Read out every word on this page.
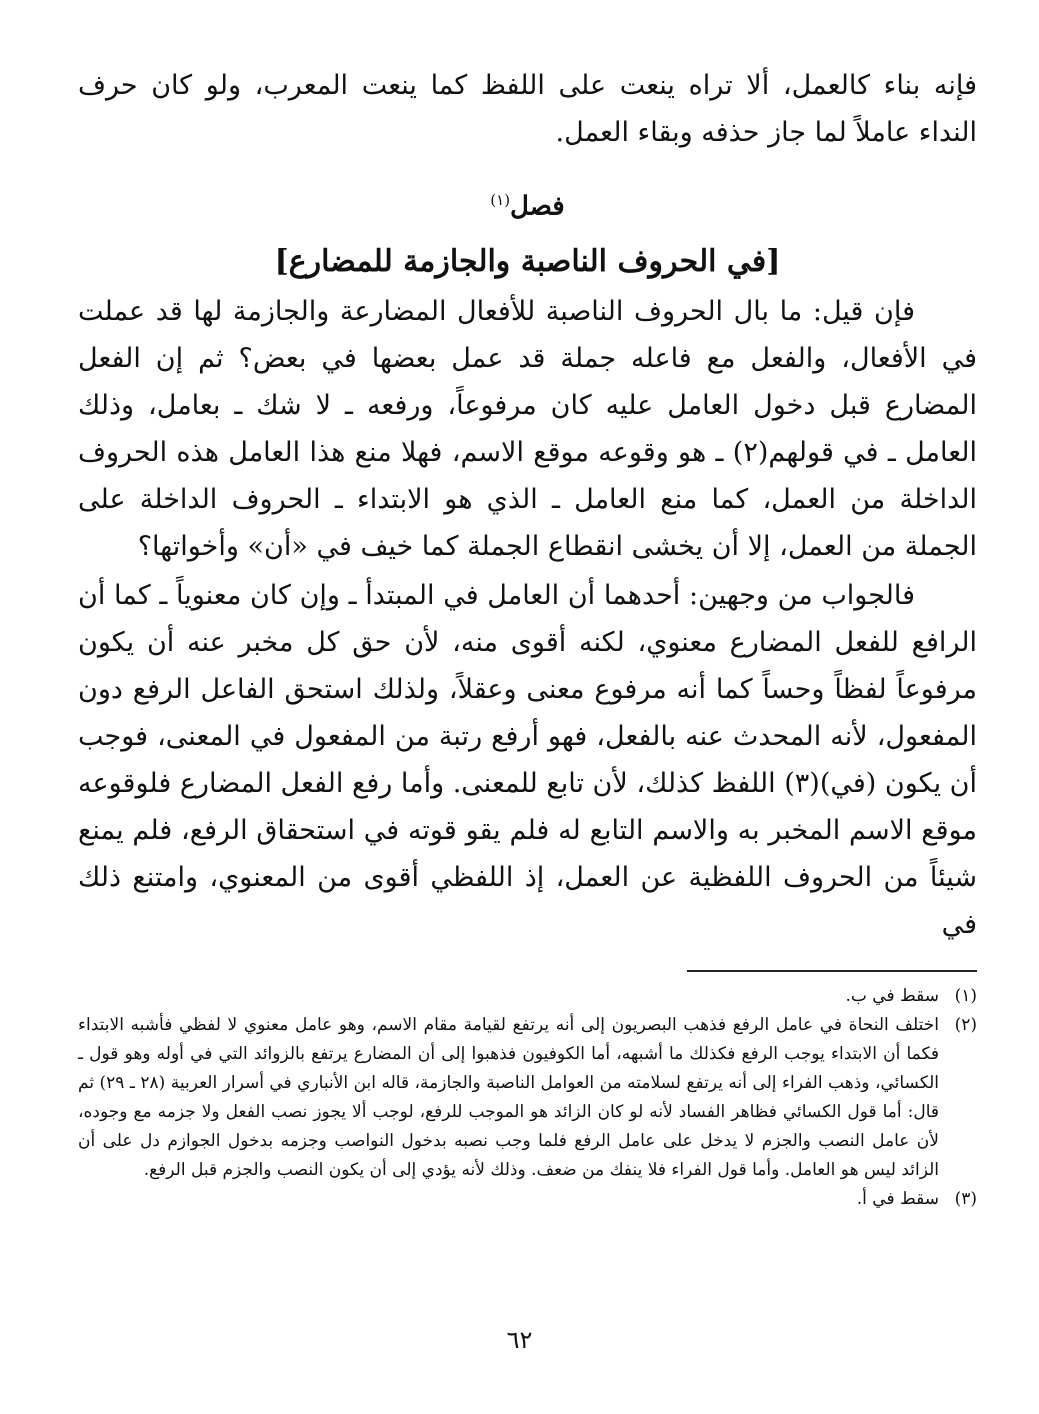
فإنه بناء كالعمل، ألا تراه ينعت على اللفظ كما ينعت المعرب، ولو كان حرف النداء عاملاً لما جاز حذفه وبقاء العمل.

فصل$^{(١)}$
[في الحروف الناصبة والجازمة للمضارع]

فإن قيل: ما بال الحروف الناصبة للأفعال المضارعة والجازمة لها قد عملت في الأفعال، والفعل مع فاعله جملة قد عمل بعضها في بعض؟ ثم إن الفعل المضارع قبل دخول العامل عليه كان مرفوعاً، ورفعه ـ لا شك ـ بعامل، وذلك العامل ـ في قولهم(٢) ـ هو وقوعه موقع الاسم، فهلا منع هذا العامل هذه الحروف الداخلة من العمل، كما منع العامل ـ الذي هو الابتداء ـ الحروف الداخلة على الجملة من العمل، إلا أن يخشى انقطاع الجملة كما خيف في «أن» وأخواتها؟

فالجواب من وجهين: أحدهما أن العامل في المبتدأ ـ وإن كان معنوياً ـ كما أن الرافع للفعل المضارع معنوي، لكنه أقوى منه، لأن حق كل مخبر عنه أن يكون مرفوعاً لفظاً وحساً كما أنه مرفوع معنى وعقلاً، ولذلك استحق الفاعل الرفع دون المفعول، لأنه المحدث عنه بالفعل، فهو أرفع رتبة من المفعول في المعنى، فوجب أن يكون (في)(٣) اللفظ كذلك، لأن تابع للمعنى. وأما رفع الفعل المضارع فلوقوعه موقع الاسم المخبر به والاسم التابع له فلم يقو قوته في استحقاق الرفع، فلم يمنع شيئاً من الحروف اللفظية عن العمل، إذ اللفظي أقوى من المعنوي، وامتنع ذلك في

(١)
سقط في ب.
(٢)
اختلف النحاة في عامل الرفع فذهب البصريون إلى أنه يرتفع لقيامة مقام الاسم، وهو عامل معنوي لا لفظي فأشبه الابتداء فكما أن الابتداء يوجب الرفع فكذلك ما أشبهه، أما الكوفيون فذهبوا إلى أن المضارع يرتفع بالزوائد التي في أوله وهو قول ـ الكسائي، وذهب الفراء إلى أنه يرتفع لسلامته من العوامل الناصبة والجازمة، قاله ابن الأنباري في أسرار العربية (٢٨ ـ ٢٩) ثم قال: أما قول الكسائي فظاهر الفساد لأنه لو كان الزائد هو الموجب للرفع، لوجب ألا يجوز نصب الفعل ولا جزمه مع وجوده، لأن عامل النصب والجزم لا يدخل على عامل الرفع فلما وجب نصبه بدخول النواصب وجزمه بدخول الجوازم دل على أن الزائد ليس هو العامل. وأما قول الفراء فلا ينفك من ضعف. وذلك لأنه يؤدي إلى أن يكون النصب والجزم قبل الرفع.
(٣)
سقط في أ.
٦٢
